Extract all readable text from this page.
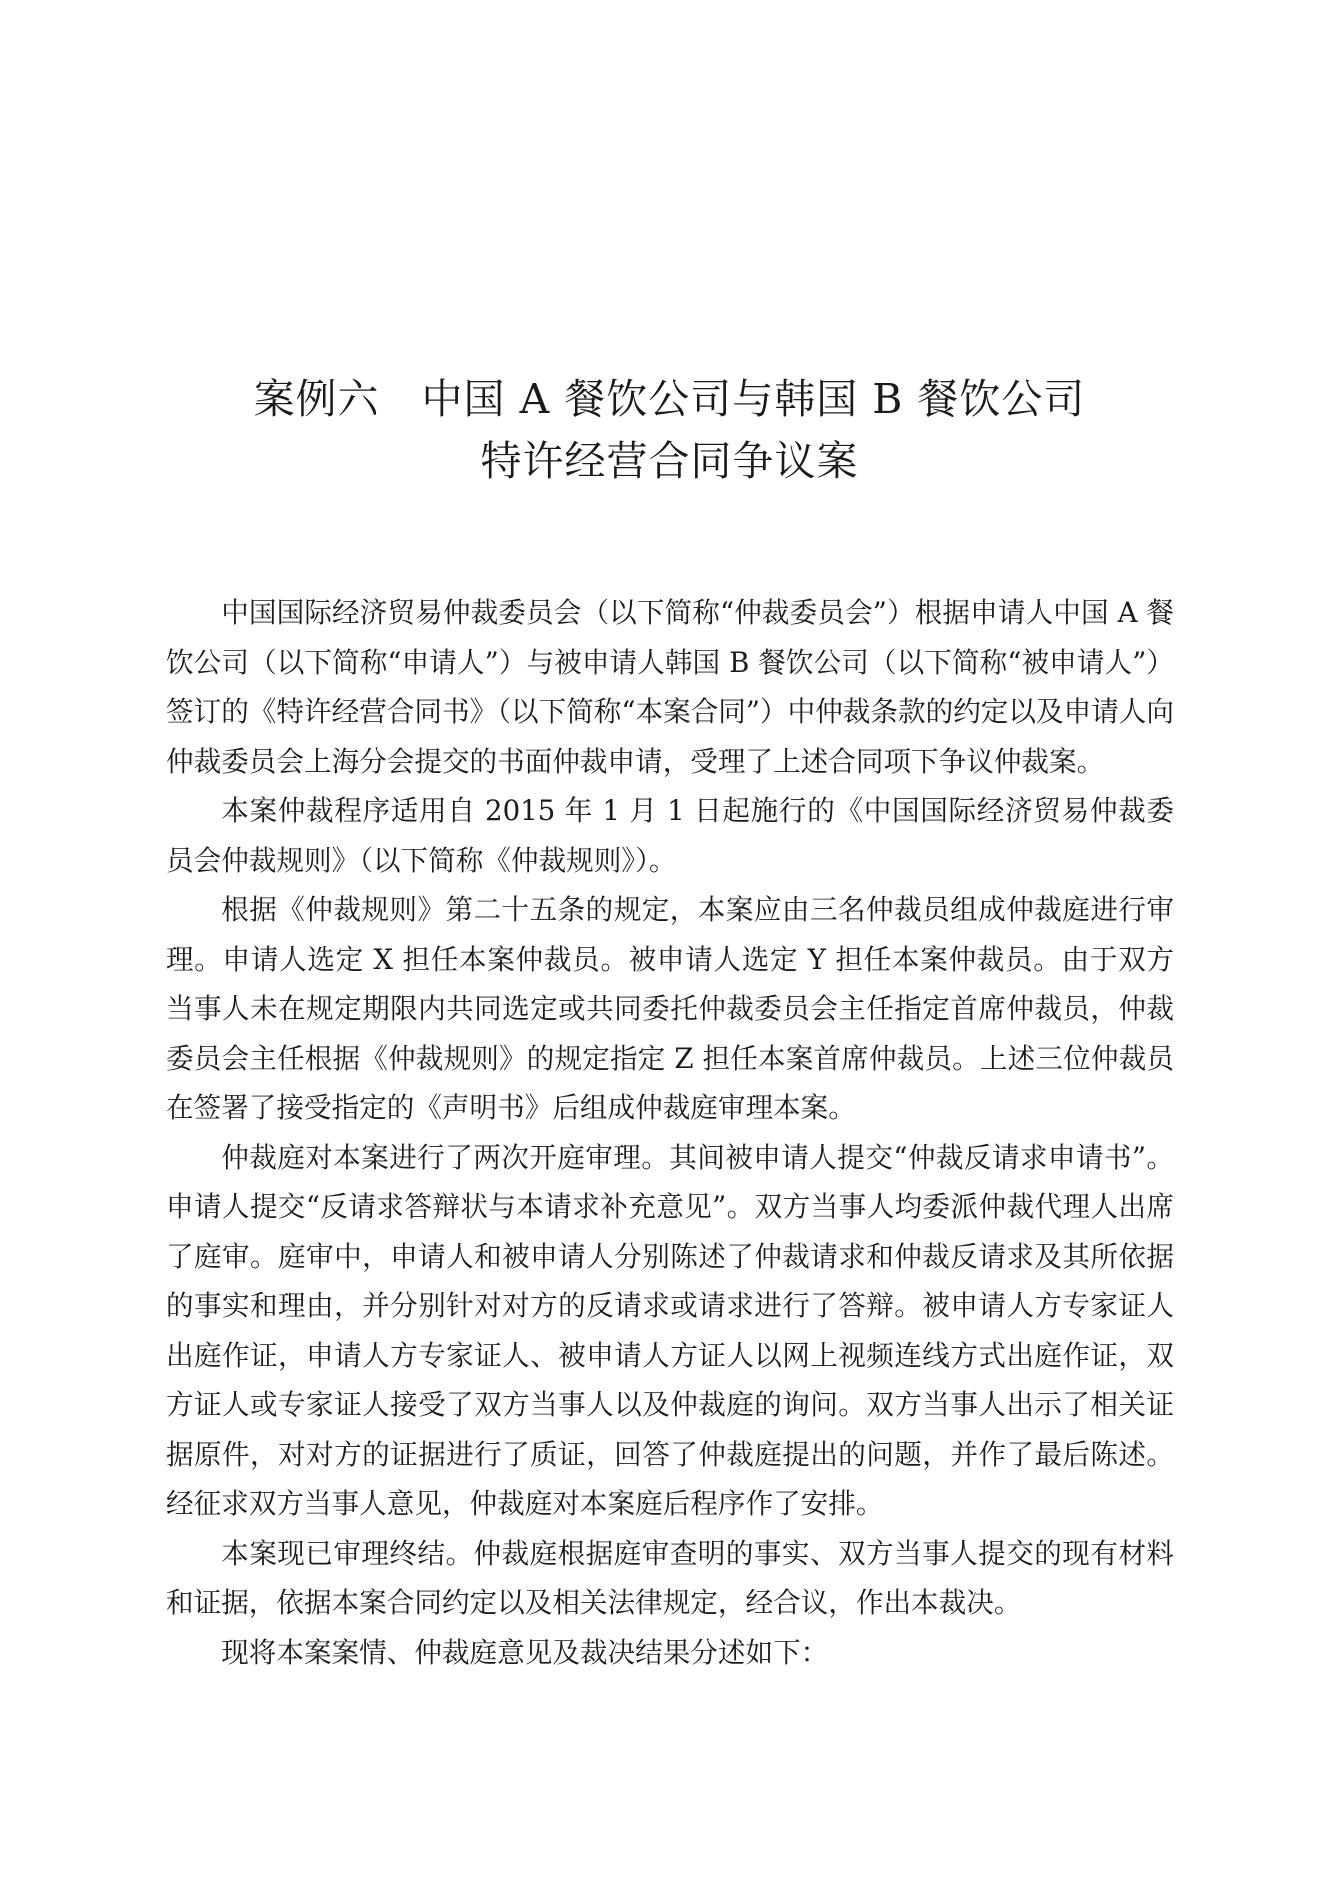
案例六　中国 A 餐饮公司与韩国 B 餐饮公司
特许经营合同争议案

中国国际经济贸易仲裁委员会（以下简称“仲裁委员会”）根据申请人中国 A 餐饮公司（以下简称“申请人”）与被申请人韩国 B 餐饮公司（以下简称“被申请人”）签订的《特许经营合同书》（以下简称“本案合同”）中仲裁条款的约定以及申请人向仲裁委员会上海分会提交的书面仲裁申请，受理了上述合同项下争议仲裁案。

本案仲裁程序适用自 2015 年 1 月 1 日起施行的《中国国际经济贸易仲裁委员会仲裁规则》（以下简称《仲裁规则》）。

根据《仲裁规则》第二十五条的规定，本案应由三名仲裁员组成仲裁庭进行审理。申请人选定 X 担任本案仲裁员。被申请人选定 Y 担任本案仲裁员。由于双方当事人未在规定期限内共同选定或共同委托仲裁委员会主任指定首席仲裁员，仲裁委员会主任根据《仲裁规则》的规定指定 Z 担任本案首席仲裁员。上述三位仲裁员在签署了接受指定的《声明书》后组成仲裁庭审理本案。

仲裁庭对本案进行了两次开庭审理。其间被申请人提交“仲裁反请求申请书”。申请人提交“反请求答辩状与本请求补充意见”。双方当事人均委派仲裁代理人出席了庭审。庭审中，申请人和被申请人分别陈述了仲裁请求和仲裁反请求及其所依据的事实和理由，并分别针对对方的反请求或请求进行了答辩。被申请人方专家证人出庭作证，申请人方专家证人、被申请人方证人以网上视频连线方式出庭作证，双方证人或专家证人接受了双方当事人以及仲裁庭的询问。双方当事人出示了相关证据原件，对对方的证据进行了质证，回答了仲裁庭提出的问题，并作了最后陈述。经征求双方当事人意见，仲裁庭对本案庭后程序作了安排。

本案现已审理终结。仲裁庭根据庭审查明的事实、双方当事人提交的现有材料和证据，依据本案合同约定以及相关法律规定，经合议，作出本裁决。

现将本案案情、仲裁庭意见及裁决结果分述如下：
